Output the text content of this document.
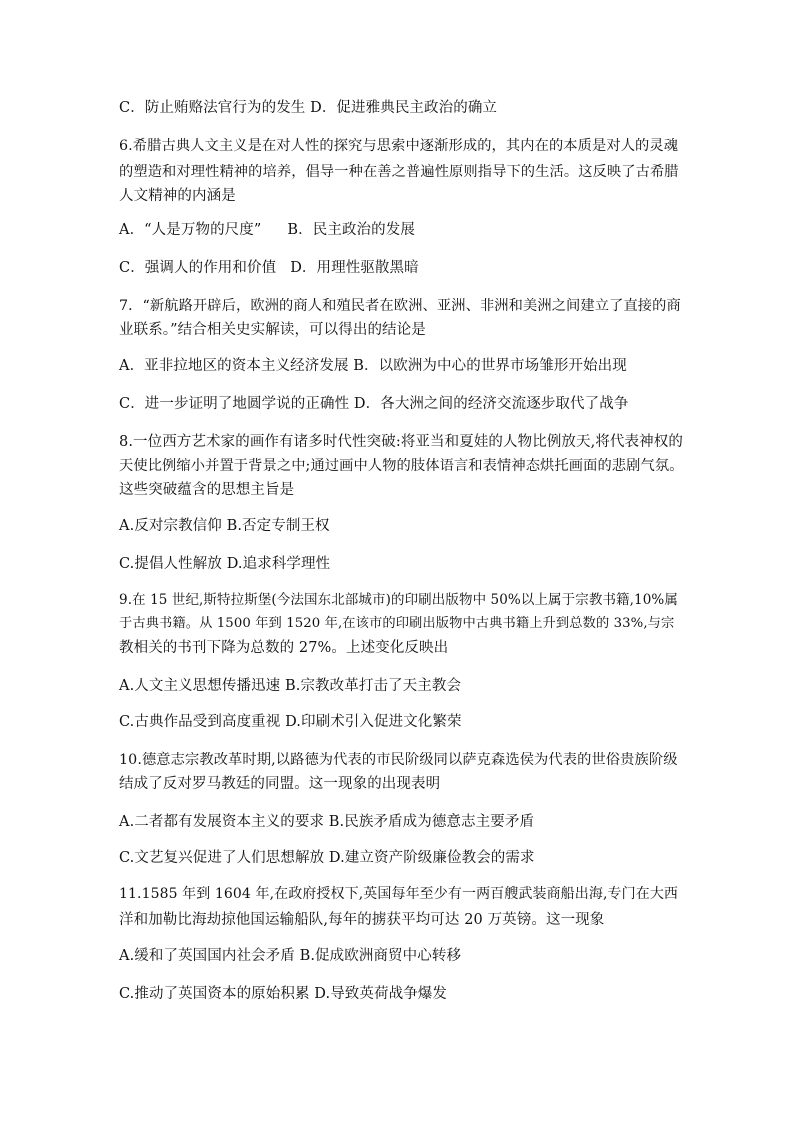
C．防止贿赂法官行为的发生 D．促进雅典民主政治的确立
6.希腊古典人文主义是在对人性的探究与思索中逐渐形成的，其内在的本质是对人的灵魂
的塑造和对理性精神的培养，倡导一种在善之普遍性原则指导下的生活。这反映了古希腊
人文精神的内涵是
A．“人是万物的尺度” B．民主政治的发展
C．强调人的作用和价值 D．用理性驱散黑暗
7．“新航路开辟后，欧洲的商人和殖民者在欧洲、亚洲、非洲和美洲之间建立了直接的商
业联系。”结合相关史实解读，可以得出的结论是
A．亚非拉地区的资本主义经济发展 B．以欧洲为中心的世界市场雏形开始出现
C．进一步证明了地圆学说的正确性 D．各大洲之间的经济交流逐步取代了战争
8.一位西方艺术家的画作有诸多时代性突破:将亚当和夏娃的人物比例放天,将代表神权的
天使比例缩小并置于背景之中;通过画中人物的肢体语言和表情神态烘托画面的悲剧气氛。
这些突破蕴含的思想主旨是
A.反对宗教信仰 B.否定专制王权
C.提倡人性解放 D.追求科学理性
9.在 15 世纪,斯特拉斯堡(今法国东北部城市)的印刷出版物中 50%以上属于宗教书籍,10%属
于古典书籍。从 1500 年到 1520 年,在该市的印刷出版物中古典书籍上升到总数的 33%,与宗
教相关的书刊下降为总数的 27%。上述变化反映出
A.人文主义思想传播迅速 B.宗教改革打击了天主教会
C.古典作品受到高度重视 D.印刷术引入促进文化繁荣
10.德意志宗教改革时期,以路德为代表的市民阶级同以萨克森选侯为代表的世俗贵族阶级
结成了反对罗马教廷的同盟。这一现象的出现表明
A.二者都有发展资本主义的要求 B.民族矛盾成为德意志主要矛盾
C.文艺复兴促进了人们思想解放 D.建立资产阶级廉俭教会的需求
11.1585 年到 1604 年,在政府授权下,英国每年至少有一两百艘武装商船出海,专门在大西
洋和加勒比海劫掠他国运输船队,每年的掳获平均可达 20 万英镑。这一现象
A.缓和了英国国内社会矛盾 B.促成欧洲商贸中心转移
C.推动了英国资本的原始积累 D.导致英荷战争爆发
